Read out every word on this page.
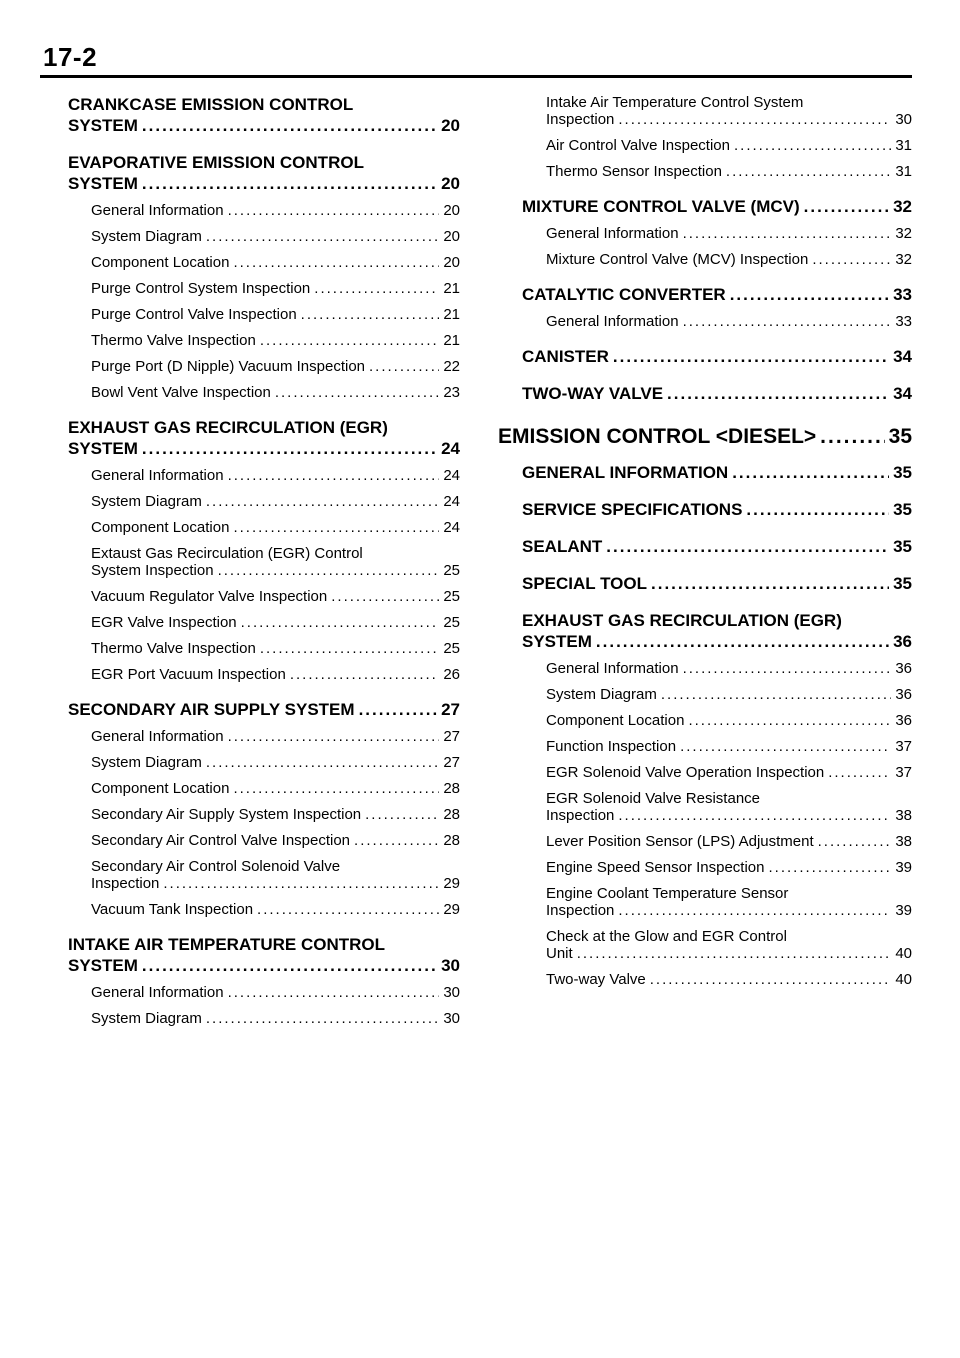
17-2
CRANKCASE EMISSION CONTROL
SYSTEM .....	20
EVAPORATIVE EMISSION CONTROL
SYSTEM .....	20
General Information .....	20
System Diagram .....	20
Component Location .....	20
Purge Control System Inspection .....	21
Purge Control Valve Inspection .....	21
Thermo Valve Inspection .....	21
Purge Port (D Nipple) Vacuum Inspection .....	22
Bowl Vent Valve Inspection .....	23
EXHAUST GAS RECIRCULATION (EGR)
SYSTEM .....	24
General Information .....	24
System Diagram .....	24
Component Location .....	24
Extaust Gas Recirculation (EGR) Control
System Inspection .....	25
Vacuum Regulator Valve Inspection .....	25
EGR Valve Inspection .....	25
Thermo Valve Inspection .....	25
EGR Port Vacuum Inspection .....	26
SECONDARY AIR SUPPLY SYSTEM .....	27
General Information .....	27
System Diagram .....	27
Component Location .....	28
Secondary Air Supply System Inspection .....	28
Secondary Air Control Valve Inspection .....	28
Secondary Air Control Solenoid Valve
Inspection .....	29
Vacuum Tank Inspection .....	29
INTAKE AIR TEMPERATURE CONTROL
SYSTEM .....	30
General Information .....	30
System Diagram .....	30
Intake Air Temperature Control System
Inspection .....	30
Air Control Valve Inspection .....	31
Thermo Sensor Inspection .....	31
MIXTURE CONTROL VALVE (MCV) .....	32
General Information .....	32
Mixture Control Valve (MCV) Inspection .....	32
CATALYTIC CONVERTER .....	33
General Information .....	33
CANISTER .....	34
TWO-WAY VALVE .....	34
EMISSION CONTROL <DIESEL> .....	35
GENERAL INFORMATION .....	35
SERVICE SPECIFICATIONS .....	35
SEALANT .....	35
SPECIAL TOOL .....	35
EXHAUST GAS RECIRCULATION (EGR)
SYSTEM .....	36
General Information .....	36
System Diagram .....	36
Component Location .....	36
Function Inspection .....	37
EGR Solenoid Valve Operation Inspection .....	37
EGR Solenoid Valve Resistance
Inspection .....	38
Lever Position Sensor (LPS) Adjustment .....	38
Engine Speed Sensor Inspection .....	39
Engine Coolant Temperature Sensor
Inspection .....	39
Check at the Glow and EGR Control
Unit .....	40
Two-way Valve .....	40
